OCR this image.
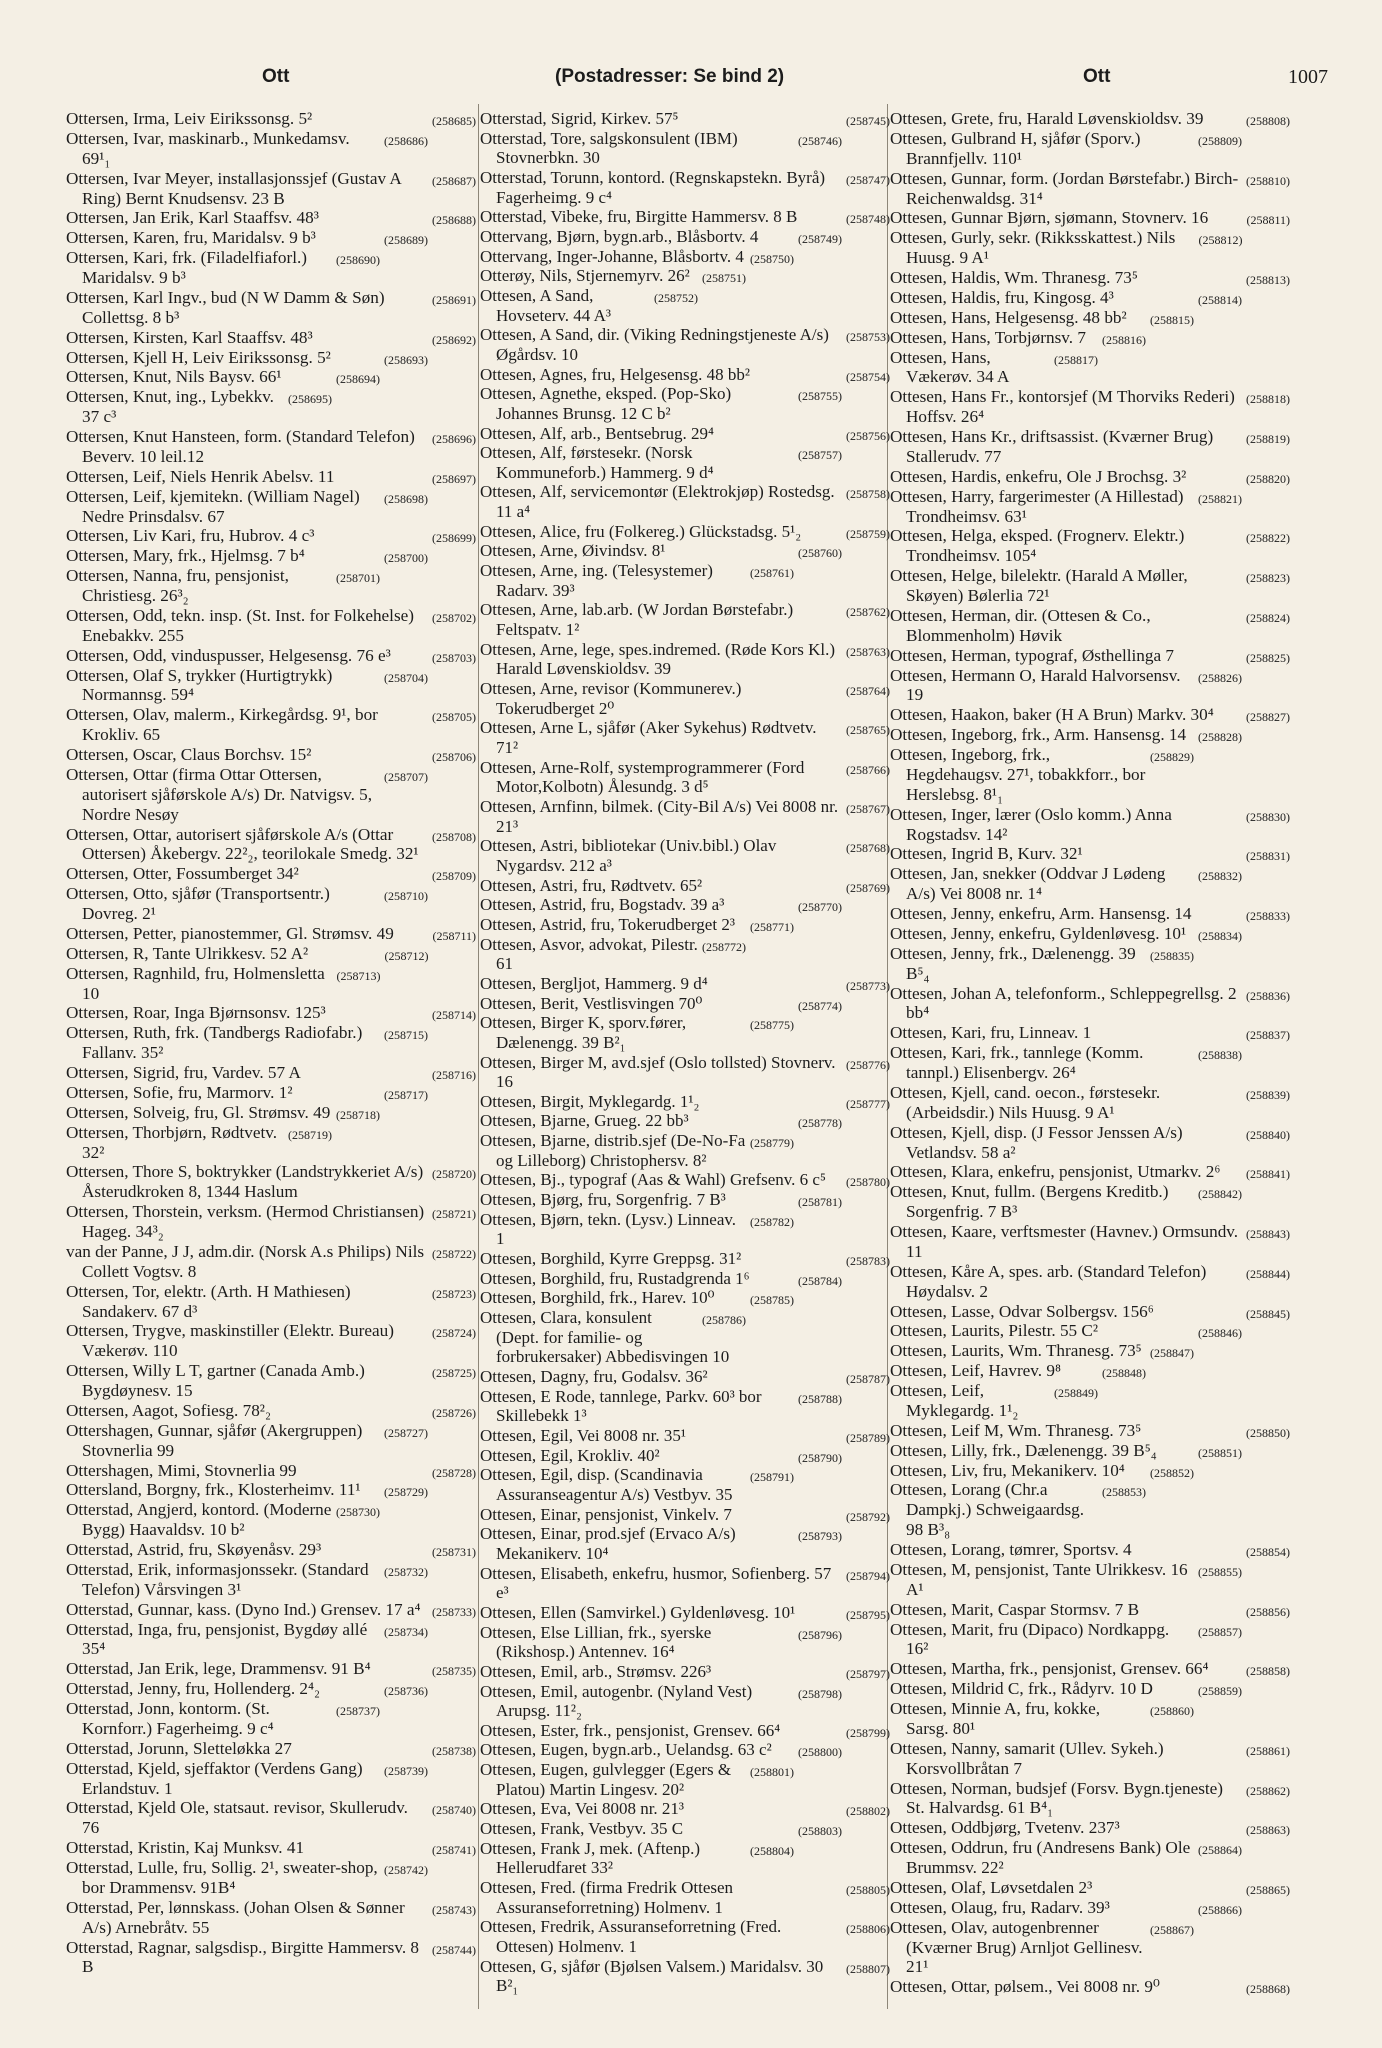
Ott	(Postadresser: Se bind 2)	Ott	1007

(258685)
Ottersen, Irma, Leiv Eirikssonsg. 5²

(258686)
Ottersen, Ivar, maskinarb., Munkedamsv. 69¹₁

(258687)
Ottersen, Ivar Meyer, installasjonssjef (Gustav A Ring) Bernt Knudsensv. 23 B

(258688)
Ottersen, Jan Erik, Karl Staaffsv. 48³

(258689)
Ottersen, Karen, fru, Maridalsv. 9 b³

(258690)
Ottersen, Kari, frk. (Filadelfiaforl.) Maridalsv. 9 b³

(258691)
Ottersen, Karl Ingv., bud (N W Damm & Søn) Collettsg. 8 b³

(258692)
Ottersen, Kirsten, Karl Staaffsv. 48³

(258693)
Ottersen, Kjell H, Leiv Eirikssonsg. 5²

(258694)
Ottersen, Knut, Nils Baysv. 66¹

(258695)
Ottersen, Knut, ing., Lybekkv. 37 c³

(258696)
Ottersen, Knut Hansteen, form. (Standard Telefon) Beverv. 10 leil.12

(258697)
Ottersen, Leif, Niels Henrik Abelsv. 11

(258698)
Ottersen, Leif, kjemitekn. (William Nagel) Nedre Prinsdalsv. 67

(258699)
Ottersen, Liv Kari, fru, Hubrov. 4 c³

(258700)
Ottersen, Mary, frk., Hjelmsg. 7 b⁴

(258701)
Ottersen, Nanna, fru, pensjonist, Christiesg. 26³₂

(258702)
Ottersen, Odd, tekn. insp. (St. Inst. for Folkehelse) Enebakkv. 255

(258703)
Ottersen, Odd, vinduspusser, Helgesensg. 76 e³

(258704)
Ottersen, Olaf S, trykker (Hurtigtrykk) Normannsg. 59⁴

(258705)
Ottersen, Olav, malerm., Kirkegårdsg. 9¹, bor Krokliv. 65

(258706)
Ottersen, Oscar, Claus Borchsv. 15²

(258707)
Ottersen, Ottar (firma Ottar Ottersen, autorisert sjåførskole A/s) Dr. Natvigsv. 5, Nordre Nesøy

(258708)
Ottersen, Ottar, autorisert sjåførskole A/s (Ottar Ottersen) Åkebergv. 22²₂, teorilokale Smedg. 32¹

(258709)
Ottersen, Otter, Fossumberget 34²

(258710)
Ottersen, Otto, sjåfør (Transportsentr.) Dovreg. 2¹

(258711)
Ottersen, Petter, pianostemmer, Gl. Strømsv. 49

(258712)
Ottersen, R, Tante Ulrikkesv. 52 A²

(258713)
Ottersen, Ragnhild, fru, Holmensletta 10

(258714)
Ottersen, Roar, Inga Bjørnsonsv. 125³

(258715)
Ottersen, Ruth, frk. (Tandbergs Radiofabr.) Fallanv. 35²

(258716)
Ottersen, Sigrid, fru, Vardev. 57 A

(258717)
Ottersen, Sofie, fru, Marmorv. 1²

(258718)
Ottersen, Solveig, fru, Gl. Strømsv. 49

(258719)
Ottersen, Thorbjørn, Rødtvetv. 32²

(258720)
Ottersen, Thore S, boktrykker (Landstrykkeriet A/s) Åsterudkroken 8, 1344 Haslum

(258721)
Ottersen, Thorstein, verksm. (Hermod Christiansen) Hageg. 34³₂

(258722)
van der Panne, J J, adm.dir. (Norsk A.s Philips) Nils Collett Vogtsv. 8

(258723)
Ottersen, Tor, elektr. (Arth. H Mathiesen) Sandakerv. 67 d³

(258724)
Ottersen, Trygve, maskinstiller (Elektr. Bureau) Vækerøv. 110

(258725)
Ottersen, Willy L T, gartner (Canada Amb.) Bygdøynesv. 15

(258726)
Ottersen, Aagot, Sofiesg. 78²₂

(258727)
Ottershagen, Gunnar, sjåfør (Akergruppen) Stovnerlia 99

(258728)
Ottershagen, Mimi, Stovnerlia 99

(258729)
Ottersland, Borgny, frk., Klosterheimv. 11¹

(258730)
Otterstad, Angjerd, kontord. (Moderne Bygg) Haavaldsv. 10 b²

(258731)
Otterstad, Astrid, fru, Skøyenåsv. 29³

(258732)
Otterstad, Erik, informasjonssekr. (Standard Telefon) Vårsvingen 3¹

(258733)
Otterstad, Gunnar, kass. (Dyno Ind.) Grensev. 17 a⁴

(258734)
Otterstad, Inga, fru, pensjonist, Bygdøy allé 35⁴

(258735)
Otterstad, Jan Erik, lege, Drammensv. 91 B⁴

(258736)
Otterstad, Jenny, fru, Hollenderg. 2⁴₂

(258737)
Otterstad, Jonn, kontorm. (St. Kornforr.) Fagerheimg. 9 c⁴

(258738)
Otterstad, Jorunn, Sletteløkka 27

(258739)
Otterstad, Kjeld, sjeffaktor (Verdens Gang) Erlandstuv. 1

(258740)
Otterstad, Kjeld Ole, statsaut. revisor, Skullerudv. 76

(258741)
Otterstad, Kristin, Kaj Munksv. 41

(258742)
Otterstad, Lulle, fru, Sollig. 2¹, sweater-shop, bor Drammensv. 91B⁴

(258743)
Otterstad, Per, lønnskass. (Johan Olsen & Sønner A/s) Arnebråtv. 55

(258744)
Otterstad, Ragnar, salgsdisp., Birgitte Hammersv. 8 B

(258745)
Otterstad, Sigrid, Kirkev. 57⁵

(258746)
Otterstad, Tore, salgskonsulent (IBM) Stovnerbkn. 30

(258747)
Otterstad, Torunn, kontord. (Regnskapstekn. Byrå) Fagerheimg. 9 c⁴

(258748)
Otterstad, Vibeke, fru, Birgitte Hammersv. 8 B

(258749)
Ottervang, Bjørn, bygn.arb., Blåsbortv. 4

(258750)
Ottervang, Inger-Johanne, Blåsbortv. 4

(258751)
Otterøy, Nils, Stjernemyrv. 26²

(258752)
Ottesen, A Sand, Hovseterv. 44 A³

(258753)
Ottesen, A Sand, dir. (Viking Redningstjeneste A/s) Øgårdsv. 10

(258754)
Ottesen, Agnes, fru, Helgesensg. 48 bb²

(258755)
Ottesen, Agnethe, eksped. (Pop-Sko) Johannes Brunsg. 12 C b²

(258756)
Ottesen, Alf, arb., Bentsebrug. 29⁴

(258757)
Ottesen, Alf, førstesekr. (Norsk Kommuneforb.) Hammerg. 9 d⁴

(258758)
Ottesen, Alf, servicemontør (Elektrokjøp) Rostedsg. 11 a⁴

(258759)
Ottesen, Alice, fru (Folkereg.) Glückstadsg. 5¹₂

(258760)
Ottesen, Arne, Øivindsv. 8¹

(258761)
Ottesen, Arne, ing. (Telesystemer) Radarv. 39³

(258762)
Ottesen, Arne, lab.arb. (W Jordan Børstefabr.) Feltspatv. 1²

(258763)
Ottesen, Arne, lege, spes.indremed. (Røde Kors Kl.) Harald Løvenskioldsv. 39

(258764)
Ottesen, Arne, revisor (Kommunerev.) Tokerudberget 2⁰

(258765)
Ottesen, Arne L, sjåfør (Aker Sykehus) Rødtvetv. 71²

(258766)
Ottesen, Arne-Rolf, systemprogrammerer (Ford Motor,Kolbotn) Ålesundg. 3 d⁵

(258767)
Ottesen, Arnfinn, bilmek. (City-Bil A/s) Vei 8008 nr. 21³

(258768)
Ottesen, Astri, bibliotekar (Univ.bibl.) Olav Nygardsv. 212 a³

(258769)
Ottesen, Astri, fru, Rødtvetv. 65²

(258770)
Ottesen, Astrid, fru, Bogstadv. 39 a³

(258771)
Ottesen, Astrid, fru, Tokerudberget 2³

(258772)
Ottesen, Asvor, advokat, Pilestr. 61

(258773)
Ottesen, Bergljot, Hammerg. 9 d⁴

(258774)
Ottesen, Berit, Vestlisvingen 70⁰

(258775)
Ottesen, Birger K, sporv.fører, Dælenengg. 39 B²₁

(258776)
Ottesen, Birger M, avd.sjef (Oslo tollsted) Stovnerv. 16

(258777)
Ottesen, Birgit, Myklegardg. 1¹₂

(258778)
Ottesen, Bjarne, Grueg. 22 bb³

(258779)
Ottesen, Bjarne, distrib.sjef (De-No-Fa og Lilleborg) Christophersv. 8²

(258780)
Ottesen, Bj., typograf (Aas & Wahl) Grefsenv. 6 c⁵

(258781)
Ottesen, Bjørg, fru, Sorgenfrig. 7 B³

(258782)
Ottesen, Bjørn, tekn. (Lysv.) Linneav. 1

(258783)
Ottesen, Borghild, Kyrre Greppsg. 31²

(258784)
Ottesen, Borghild, fru, Rustadgrenda 1⁶

(258785)
Ottesen, Borghild, frk., Harev. 10⁰

(258786)
Ottesen, Clara, konsulent (Dept. for familie- og forbrukersaker) Abbedisvingen 10

(258787)
Ottesen, Dagny, fru, Godalsv. 36²

(258788)
Ottesen, E Rode, tannlege, Parkv. 60³ bor Skillebekk 1³

(258789)
Ottesen, Egil, Vei 8008 nr. 35¹

(258790)
Ottesen, Egil, Krokliv. 40²

(258791)
Ottesen, Egil, disp. (Scandinavia Assuranseagentur A/s) Vestbyv. 35

(258792)
Ottesen, Einar, pensjonist, Vinkelv. 7

(258793)
Ottesen, Einar, prod.sjef (Ervaco A/s) Mekanikerv. 10⁴

(258794)
Ottesen, Elisabeth, enkefru, husmor, Sofienberg. 57 e³

(258795)
Ottesen, Ellen (Samvirkel.) Gyldenløvesg. 10¹

(258796)
Ottesen, Else Lillian, frk., syerske (Rikshosp.) Antennev. 16⁴

(258797)
Ottesen, Emil, arb., Strømsv. 226³

(258798)
Ottesen, Emil, autogenbr. (Nyland Vest) Arupsg. 11²₂

(258799)
Ottesen, Ester, frk., pensjonist, Grensev. 66⁴

(258800)
Ottesen, Eugen, bygn.arb., Uelandsg. 63 c²

(258801)
Ottesen, Eugen, gulvlegger (Egers & Platou) Martin Lingesv. 20²

(258802)
Ottesen, Eva, Vei 8008 nr. 21³

(258803)
Ottesen, Frank, Vestbyv. 35 C

(258804)
Ottesen, Frank J, mek. (Aftenp.) Hellerudfaret 33²

(258805)
Ottesen, Fred. (firma Fredrik Ottesen Assuranseforretning) Holmenv. 1

(258806)
Ottesen, Fredrik, Assuranseforretning (Fred. Ottesen) Holmenv. 1

(258807)
Ottesen, G, sjåfør (Bjølsen Valsem.) Maridalsv. 30 B²₁

(258808)
Ottesen, Grete, fru, Harald Løvenskioldsv. 39

(258809)
Ottesen, Gulbrand H, sjåfør (Sporv.) Brannfjellv. 110¹

(258810)
Ottesen, Gunnar, form. (Jordan Børstefabr.) Birch- Reichenwaldsg. 31⁴

(258811)
Ottesen, Gunnar Bjørn, sjømann, Stovnerv. 16

(258812)
Ottesen, Gurly, sekr. (Rikksskattest.) Nils Huusg. 9 A¹

(258813)
Ottesen, Haldis, Wm. Thranesg. 73⁵

(258814)
Ottesen, Haldis, fru, Kingosg. 4³

(258815)
Ottesen, Hans, Helgesensg. 48 bb²

(258816)
Ottesen, Hans, Torbjørnsv. 7

(258817)
Ottesen, Hans, Vækerøv. 34 A

(258818)
Ottesen, Hans Fr., kontorsjef (M Thorviks Rederi) Hoffsv. 26⁴

(258819)
Ottesen, Hans Kr., driftsassist. (Kværner Brug) Stallerudv. 77

(258820)
Ottesen, Hardis, enkefru, Ole J Brochsg. 3²

(258821)
Ottesen, Harry, fargerimester (A Hillestad) Trondheimsv. 63¹

(258822)
Ottesen, Helga, eksped. (Frognerv. Elektr.) Trondheimsv. 105⁴

(258823)
Ottesen, Helge, bilelektr. (Harald A Møller, Skøyen) Bølerlia 72¹

(258824)
Ottesen, Herman, dir. (Ottesen & Co., Blommenholm) Høvik

(258825)
Ottesen, Herman, typograf, Østhellinga 7

(258826)
Ottesen, Hermann O, Harald Halvorsensv. 19

(258827)
Ottesen, Haakon, baker (H A Brun) Markv. 30⁴

(258828)
Ottesen, Ingeborg, frk., Arm. Hansensg. 14

(258829)
Ottesen, Ingeborg, frk., Hegdehaugsv. 27¹, tobakkforr., bor Herslebsg. 8¹₁

(258830)
Ottesen, Inger, lærer (Oslo komm.) Anna Rogstadsv. 14²

(258831)
Ottesen, Ingrid B, Kurv. 32¹

(258832)
Ottesen, Jan, snekker (Oddvar J Lødeng A/s) Vei 8008 nr. 1⁴

(258833)
Ottesen, Jenny, enkefru, Arm. Hansensg. 14

(258834)
Ottesen, Jenny, enkefru, Gyldenløvesg. 10¹

(258835)
Ottesen, Jenny, frk., Dælenengg. 39 B⁵₄

(258836)
Ottesen, Johan A, telefonform., Schleppegrellsg. 2 bb⁴

(258837)
Ottesen, Kari, fru, Linneav. 1

(258838)
Ottesen, Kari, frk., tannlege (Komm. tannpl.) Elisenbergv. 26⁴

(258839)
Ottesen, Kjell, cand. oecon., førstesekr. (Arbeidsdir.) Nils Huusg. 9 A¹

(258840)
Ottesen, Kjell, disp. (J Fessor Jenssen A/s) Vetlandsv. 58 a²

(258841)
Ottesen, Klara, enkefru, pensjonist, Utmarkv. 2⁶

(258842)
Ottesen, Knut, fullm. (Bergens Kreditb.) Sorgenfrig. 7 B³

(258843)
Ottesen, Kaare, verftsmester (Havnev.) Ormsundv. 11

(258844)
Ottesen, Kåre A, spes. arb. (Standard Telefon) Høydalsv. 2

(258845)
Ottesen, Lasse, Odvar Solbergsv. 156⁶

(258846)
Ottesen, Laurits, Pilestr. 55 C²

(258847)
Ottesen, Laurits, Wm. Thranesg. 73⁵

(258848)
Ottesen, Leif, Havrev. 9⁸

(258849)
Ottesen, Leif, Myklegardg. 1¹₂

(258850)
Ottesen, Leif M, Wm. Thranesg. 73⁵

(258851)
Ottesen, Lilly, frk., Dælenengg. 39 B⁵₄

(258852)
Ottesen, Liv, fru, Mekanikerv. 10⁴

(258853)
Ottesen, Lorang (Chr.a Dampkj.) Schweigaardsg. 98 B³₈

(258854)
Ottesen, Lorang, tømrer, Sportsv. 4

(258855)
Ottesen, M, pensjonist, Tante Ulrikkesv. 16 A¹

(258856)
Ottesen, Marit, Caspar Stormsv. 7 B

(258857)
Ottesen, Marit, fru (Dipaco) Nordkappg. 16²

(258858)
Ottesen, Martha, frk., pensjonist, Grensev. 66⁴

(258859)
Ottesen, Mildrid C, frk., Rådyrv. 10 D

(258860)
Ottesen, Minnie A, fru, kokke, Sarsg. 80¹

(258861)
Ottesen, Nanny, samarit (Ullev. Sykeh.) Korsvollbråtan 7

(258862)
Ottesen, Norman, budsjef (Forsv. Bygn.tjeneste) St. Halvardsg. 61 B⁴₁

(258863)
Ottesen, Oddbjørg, Tvetenv. 237³

(258864)
Ottesen, Oddrun, fru (Andresens Bank) Ole Brummsv. 22²

(258865)
Ottesen, Olaf, Løvsetdalen 2³

(258866)
Ottesen, Olaug, fru, Radarv. 39³

(258867)
Ottesen, Olav, autogenbrenner (Kværner Brug) Arnljot Gellinesv. 21¹

(258868)
Ottesen, Ottar, pølsem., Vei 8008 nr. 9⁰
